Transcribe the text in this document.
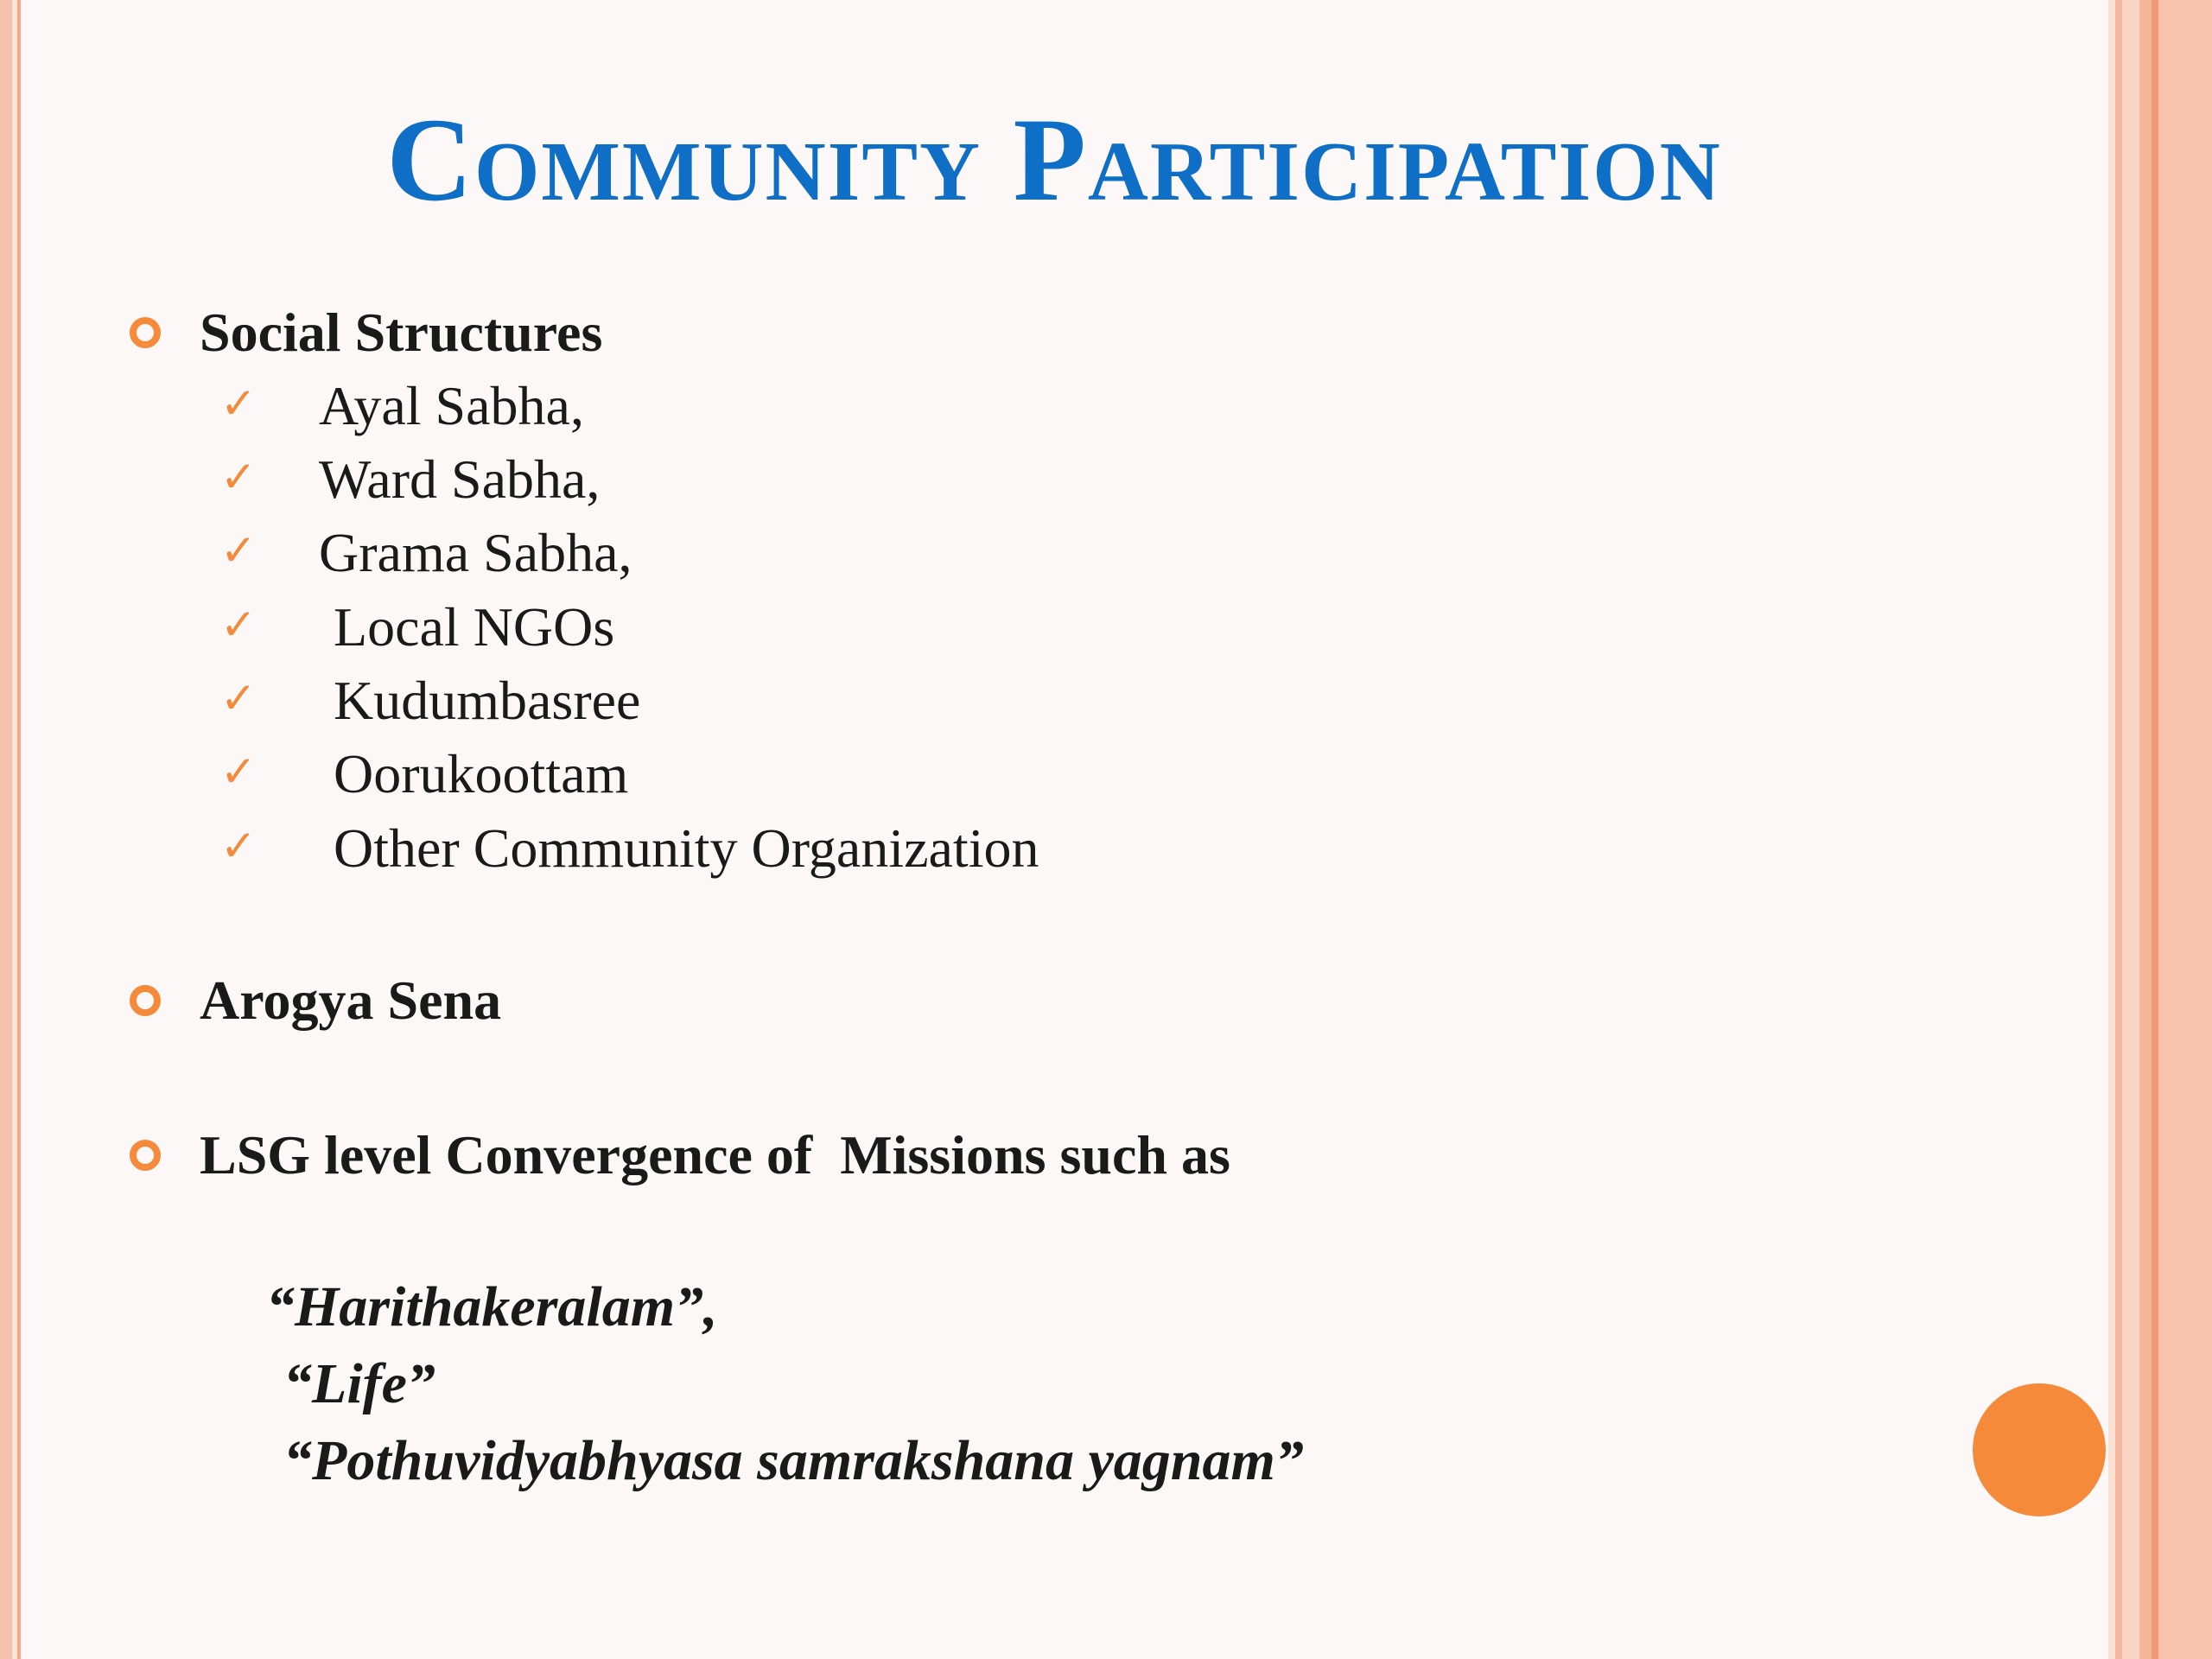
Community Participation
Social Structures
✓ Ayal Sabha,
✓ Ward Sabha,
✓ Grama Sabha,
✓ Local NGOs
✓ Kudumbasree
✓ Oorukoottam
✓ Other Community Organization
Arogya Sena
LSG level Convergence of  Missions such as
“Harithakeralam”,
“Life”
“Pothuvidyabhyasa samrakshana yagnam”
